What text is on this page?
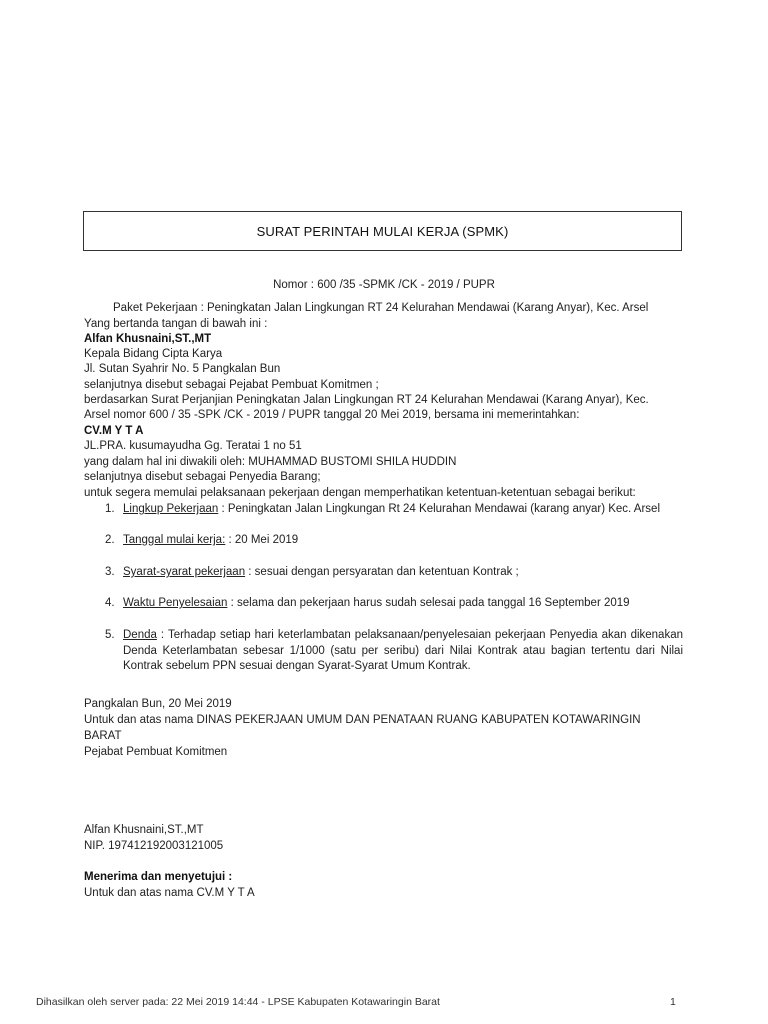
SURAT PERINTAH MULAI KERJA (SPMK)
Nomor : 600 /35 -SPMK /CK - 2019 / PUPR
Paket Pekerjaan : Peningkatan Jalan Lingkungan RT 24 Kelurahan Mendawai (Karang Anyar), Kec. Arsel
Yang bertanda tangan di bawah ini :
Alfan Khusnaini,ST.,MT
Kepala Bidang Cipta Karya
Jl. Sutan Syahrir No. 5 Pangkalan Bun
selanjutnya disebut sebagai Pejabat Pembuat Komitmen ;
berdasarkan Surat Perjanjian Peningkatan Jalan Lingkungan RT 24 Kelurahan Mendawai (Karang Anyar), Kec.
Arsel nomor 600 / 35 -SPK /CK - 2019 / PUPR tanggal 20 Mei 2019, bersama ini memerintahkan:
CV.M Y T A
JL.PRA. kusumayudha Gg. Teratai 1 no 51
yang dalam hal ini diwakili oleh: MUHAMMAD BUSTOMI SHILA HUDDIN
selanjutnya disebut sebagai Penyedia Barang;
untuk segera memulai pelaksanaan pekerjaan dengan memperhatikan ketentuan-ketentuan sebagai berikut:
1. Lingkup Pekerjaan : Peningkatan Jalan Lingkungan Rt 24 Kelurahan Mendawai (karang anyar) Kec. Arsel
2. Tanggal mulai kerja: : 20 Mei 2019
3. Syarat-syarat pekerjaan : sesuai dengan persyaratan dan ketentuan Kontrak ;
4. Waktu Penyelesaian : selama dan pekerjaan harus sudah selesai pada tanggal 16 September 2019
5. Denda : Terhadap setiap hari keterlambatan pelaksanaan/penyelesaian pekerjaan Penyedia akan dikenakan Denda Keterlambatan sebesar 1/1000 (satu per seribu) dari Nilai Kontrak atau bagian tertentu dari Nilai Kontrak sebelum PPN sesuai dengan Syarat-Syarat Umum Kontrak.
Pangkalan Bun, 20 Mei 2019
Untuk dan atas nama DINAS PEKERJAAN UMUM DAN PENATAAN RUANG KABUPATEN KOTAWARINGIN
BARAT
Pejabat Pembuat Komitmen
Alfan Khusnaini,ST.,MT
NIP. 197412192003121005
Menerima dan menyetujui :
Untuk dan atas nama CV.M Y T A
Dihasilkan oleh server pada: 22 Mei 2019 14:44 - LPSE Kabupaten Kotawaringin Barat	1
